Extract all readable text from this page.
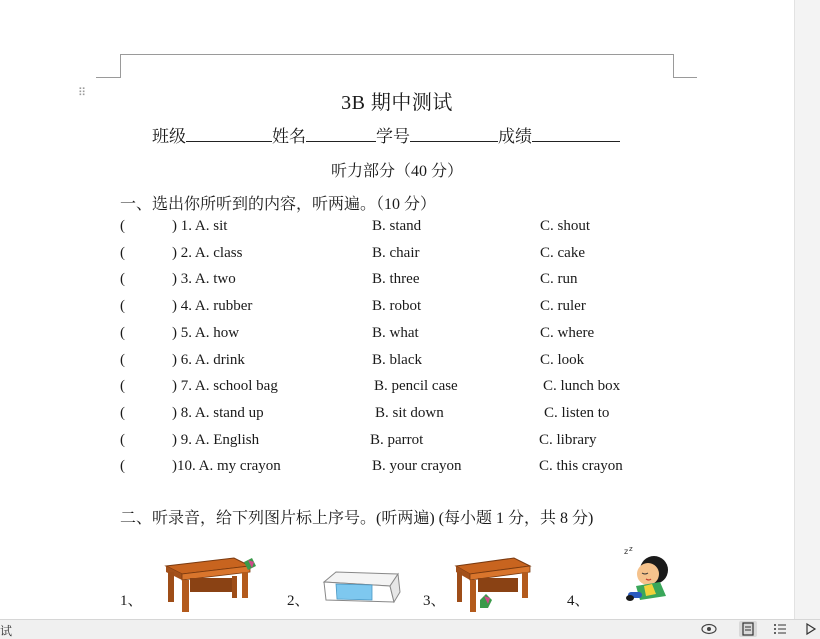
⠿	3B 期中测试
班级	姓名	学号	成绩
听力部分（40 分）
一、选出你所听到的内容，听两遍。（10 分）
(	) 1. A. sit	B. stand	C. shout
(	) 2. A. class	B. chair	C. cake
(	) 3. A. two	B. three	C. run
(	) 4. A. rubber	B. robot	C. ruler
(	) 5. A. how	B. what	C. where
(	) 6. A. drink	B. black	C. look
(	) 7. A. school bag	B. pencil case	C. lunch box
(	) 8. A. stand up	B. sit down	C. listen to
(	) 9. A. English	B. parrot	C. library
(	)10. A. my crayon	B. your crayon	C. this crayon
二、听录音，给下列图片标上序号。(听两遍) (每小题 1 分，共 8 分)
1、	2、	3、	4、
z z
试
